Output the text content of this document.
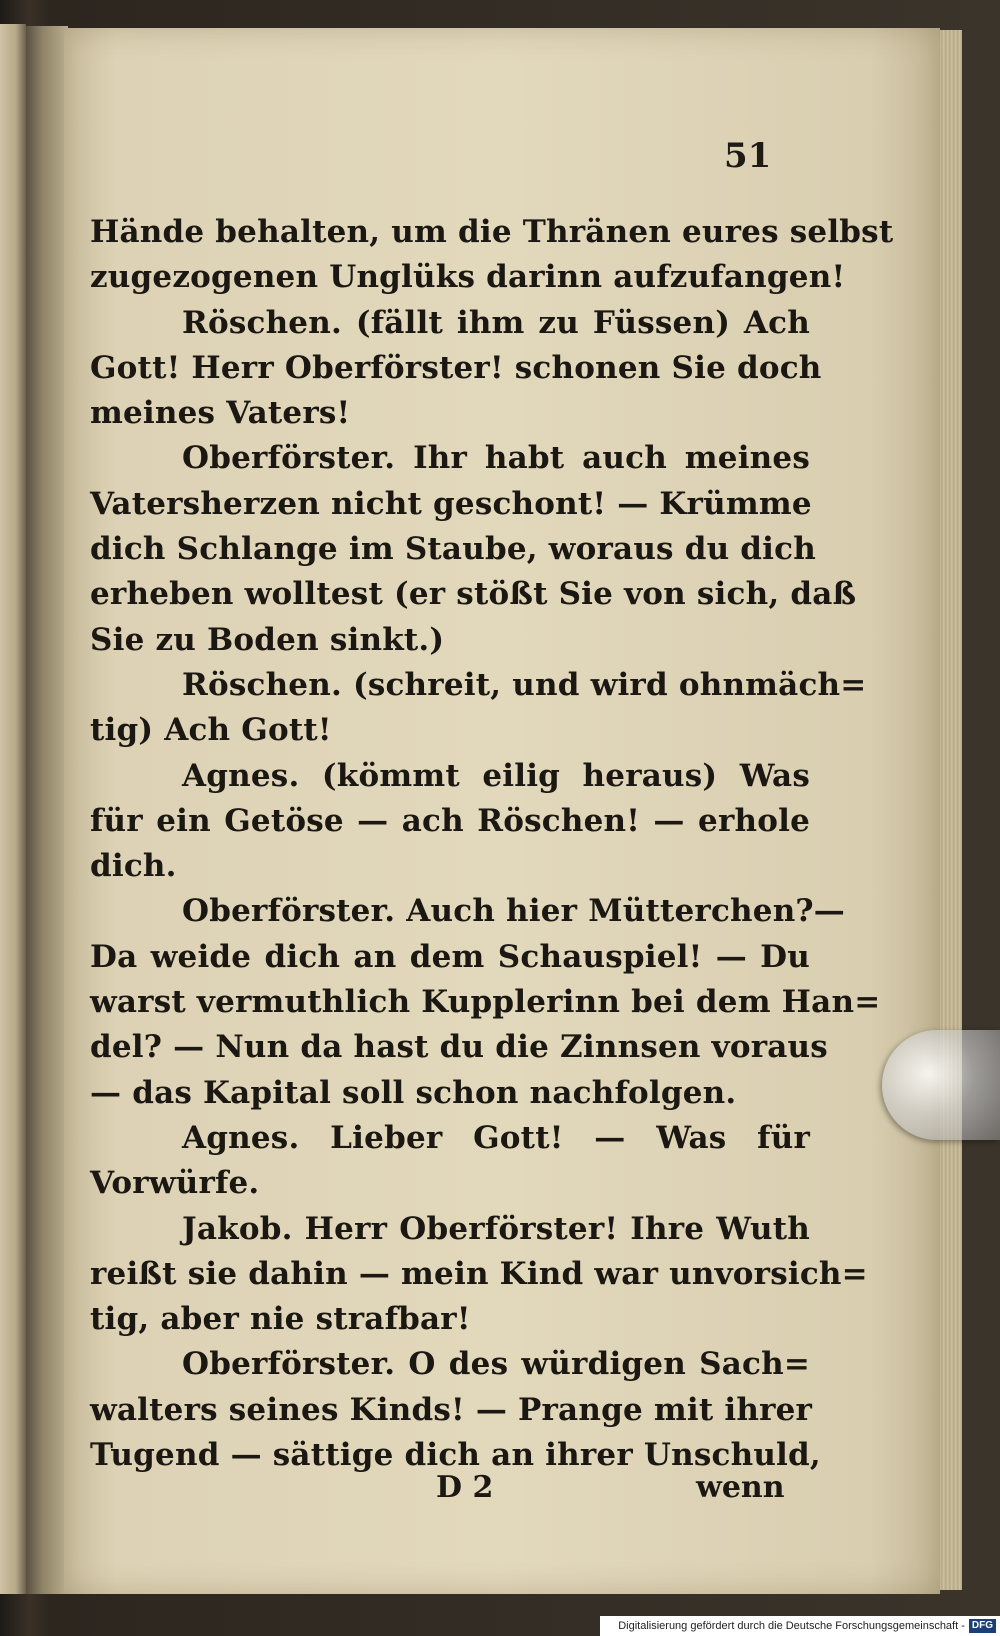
51
Hände behalten, um die Thränen eures selbst
zugezogenen Unglüks darinn aufzufangen!
Röschen. (fällt ihm zu Füssen) Ach
Gott! Herr Oberförster! schonen Sie doch
meines Vaters!
Oberförster. Ihr habt auch meines
Vatersherzen nicht geschont! — Krümme
dich Schlange im Staube, woraus du dich
erheben wolltest (er stößt Sie von sich, daß
Sie zu Boden sinkt.)
Röschen. (schreit, und wird ohnmäch=
tig) Ach Gott!
Agnes. (kömmt eilig heraus) Was
für ein Getöse — ach Röschen! — erhole
dich.
Oberförster. Auch hier Mütterchen?—
Da weide dich an dem Schauspiel! — Du
warst vermuthlich Kupplerinn bei dem Han=
del? — Nun da hast du die Zinnsen voraus
— das Kapital soll schon nachfolgen.
Agnes. Lieber Gott! — Was für
Vorwürfe.
Jakob. Herr Oberförster! Ihre Wuth
reißt sie dahin — mein Kind war unvorsich=
tig, aber nie strafbar!
Oberförster. O des würdigen Sach=
walters seines Kinds! — Prange mit ihrer
Tugend — sättige dich an ihrer Unschuld,
D 2	wenn
Digitalisierung gefördert durch die Deutsche Forschungsgemeinschaft - DFG
